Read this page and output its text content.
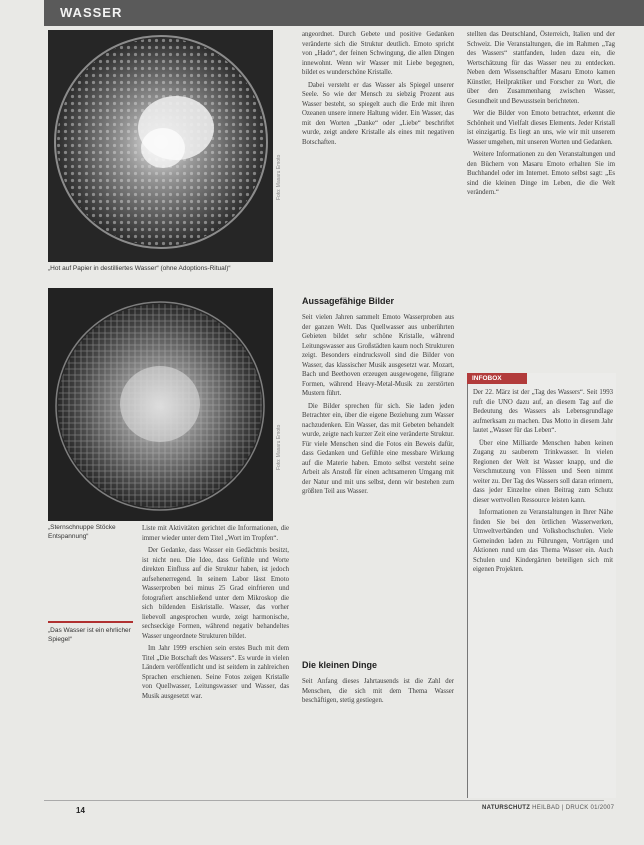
WASSER
Foto: Masaru Emoto
„Hot auf Papier in destilliertes Wasser“ (ohne Adoptions‑Ritual)“
Foto: Masaru Emoto
„Sternschnuppe Stöcke Entspannung“
„Das Wasser ist ein ehrlicher Spiegel“

Liste mit Aktivitäten gerichtet die Informationen, die immer wieder unter dem Titel „Wort im Tropfen“.

Der Gedanke, dass Wasser ein Gedächtnis besitzt, ist nicht neu. Die Idee, dass Gefühle und Worte direkten Einfluss auf die Struktur haben, ist jedoch aufsehenerregend. In seinem Labor lässt Emoto Wasserproben bei minus 25 Grad einfrieren und fotografiert anschließend unter dem Mikroskop die sich bildenden Eiskristalle. Wasser, das vorher liebevoll angesprochen wurde, zeigt harmonische, sechseckige Formen, während negativ behandeltes Wasser ungeordnete Strukturen bildet.

Im Jahr 1999 erschien sein erstes Buch mit dem Titel „Die Botschaft des Wassers“. Es wurde in vielen Ländern veröffentlicht und ist seitdem in zahlreichen Sprachen erschienen. Seine Fotos zeigen Kristalle von Quellwasser, Leitungswasser und Wasser, das Musik ausgesetzt war.

angeordnet. Durch Gebete und positive Gedanken veränderte sich die Struktur deutlich. Emoto spricht von „Hado“, der feinen Schwingung, die allen Dingen innewohnt. Wenn wir Wasser mit Liebe begegnen, bildet es wunderschöne Kristalle.

Dabei versteht er das Wasser als Spiegel unserer Seele. So wie der Mensch zu siebzig Prozent aus Wasser besteht, so spiegelt auch die Erde mit ihren Ozeanen unsere innere Haltung wider. Ein Wasser, das mit den Worten „Danke“ oder „Liebe“ beschriftet wurde, zeigt andere Kristalle als eines mit negativen Botschaften.

Aussagefähige Bilder

Seit vielen Jahren sammelt Emoto Wasserproben aus der ganzen Welt. Das Quellwasser aus unberührten Gebieten bildet sehr schöne Kristalle, während Leitungswasser aus Großstädten kaum noch Strukturen zeigt. Besonders eindrucksvoll sind die Bilder von Wasser, das klassischer Musik ausgesetzt war. Mozart, Bach und Beethoven erzeugen ausgewogene, filigrane Formen, während Heavy‑Metal‑Musik zu zerstörten Mustern führt.

Die Bilder sprechen für sich. Sie laden jeden Betrachter ein, über die eigene Beziehung zum Wasser nachzudenken. Ein Wasser, das mit Gebeten behandelt wurde, zeigte nach kurzer Zeit eine veränderte Struktur. Für viele Menschen sind die Fotos ein Beweis dafür, dass Gedanken und Gefühle eine messbare Wirkung auf die Materie haben. Emoto selbst versteht seine Arbeit als Anstoß für einen achtsameren Umgang mit der Natur und mit uns selbst, denn wir bestehen zum größten Teil aus Wasser.

Die kleinen Dinge

Seit Anfang dieses Jahrtausends ist die Zahl der Menschen, die sich mit dem Thema Wasser beschäftigen, stetig gestiegen.

stellten das Deutschland, Österreich, Italien und der Schweiz. Die Veranstaltungen, die im Rahmen „Tag des Wassers“ stattfanden, luden dazu ein, die Wertschätzung für das Wasser neu zu entdecken. Neben dem Wissenschaftler Masaru Emoto kamen Künstler, Heilpraktiker und Forscher zu Wort, die über den Zusammenhang zwischen Wasser, Gesundheit und Bewusstsein berichteten.

Wer die Bilder von Emoto betrachtet, erkennt die Schönheit und Vielfalt dieses Elements. Jeder Kristall ist einzigartig. Es liegt an uns, wie wir mit unserem Wasser umgehen, mit unseren Worten und Gedanken.

Weitere Informationen zu den Veranstaltungen und den Büchern von Masaru Emoto erhalten Sie im Buchhandel oder im Internet. Emoto selbst sagt: „Es sind die kleinen Dinge im Leben, die die Welt verändern.“

INFOBOX

Der 22. März ist der „Tag des Wassers“. Seit 1993 ruft die UNO dazu auf, an diesem Tag auf die Bedeutung des Wassers als Lebensgrundlage aufmerksam zu machen. Das Motto in diesem Jahr lautet „Wasser für das Leben“.

Über eine Milliarde Menschen haben keinen Zugang zu sauberem Trinkwasser. In vielen Regionen der Welt ist Wasser knapp, und die Verschmutzung von Flüssen und Seen nimmt weiter zu. Der Tag des Wassers soll daran erinnern, dass jeder Einzelne einen Beitrag zum Schutz dieser wertvollen Ressource leisten kann.

Informationen zu Veranstaltungen in Ihrer Nähe finden Sie bei den örtlichen Wasserwerken, Umweltverbänden und Volkshochschulen. Viele Gemeinden laden zu Führungen, Vorträgen und Aktionen rund um das Thema Wasser ein. Auch Schulen und Kindergärten beteiligen sich mit eigenen Projekten.

14	NATURSCHUTZ HEILBAD | DRUCK 01/2007
